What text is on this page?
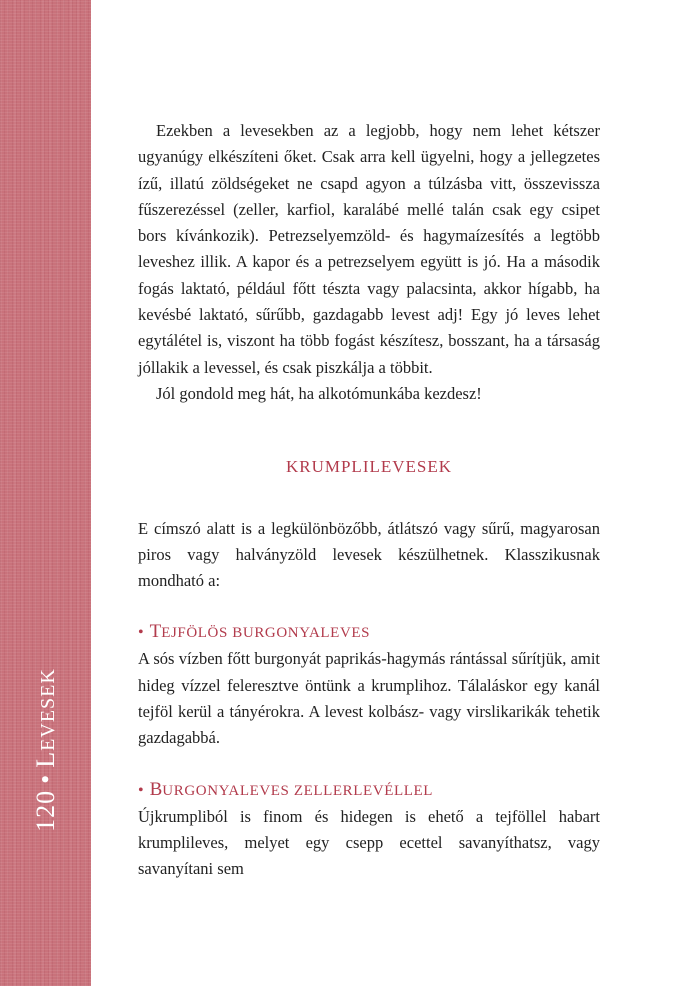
120•LEVESEK

Ezekben a levesekben az a legjobb, hogy nem lehet kétszer ugyanúgy elkészíteni őket. Csak arra kell ügyelni, hogy a jellegzetes ízű, illatú zöldségeket ne csapd agyon a túlzásba vitt, összevissza fűszerezéssel (zeller, karfiol, karalábé mellé talán csak egy csipet bors kívánkozik). Petrezselyemzöld- és hagymaízesítés a legtöbb leveshez illik. A kapor és a petrezselyem együtt is jó. Ha a második fogás laktató, például főtt tészta vagy palacsinta, akkor hígabb, ha kevésbé laktató, sűrűbb, gazdagabb levest adj! Egy jó leves lehet egytálétel is, viszont ha több fogást készítesz, bosszant, ha a társaság jóllakik a levessel, és csak piszkálja a többit.

Jól gondold meg hát, ha alkotómunkába kezdesz!

KRUMPLILEVESEK

E címszó alatt is a legkülönbözőbb, átlátszó vagy sűrű, magyarosan piros vagy halványzöld levesek készülhetnek. Klasszikusnak mondható a:

• TEJFÖLÖS BURGONYALEVES

A sós vízben főtt burgonyát paprikás-hagymás rántással sűrítjük, amit hideg vízzel feleresztve öntünk a krumplihoz. Tálaláskor egy kanál tejföl kerül a tányérokra. A levest kolbász- vagy virslikarikák tehetik gazdagabbá.

• BURGONYALEVES ZELLERLEVÉLLEL

Újkrumpliból is finom és hidegen is ehető a tejföllel habart krumplileves, melyet egy csepp ecettel savanyíthatsz, vagy savanyítani sem
